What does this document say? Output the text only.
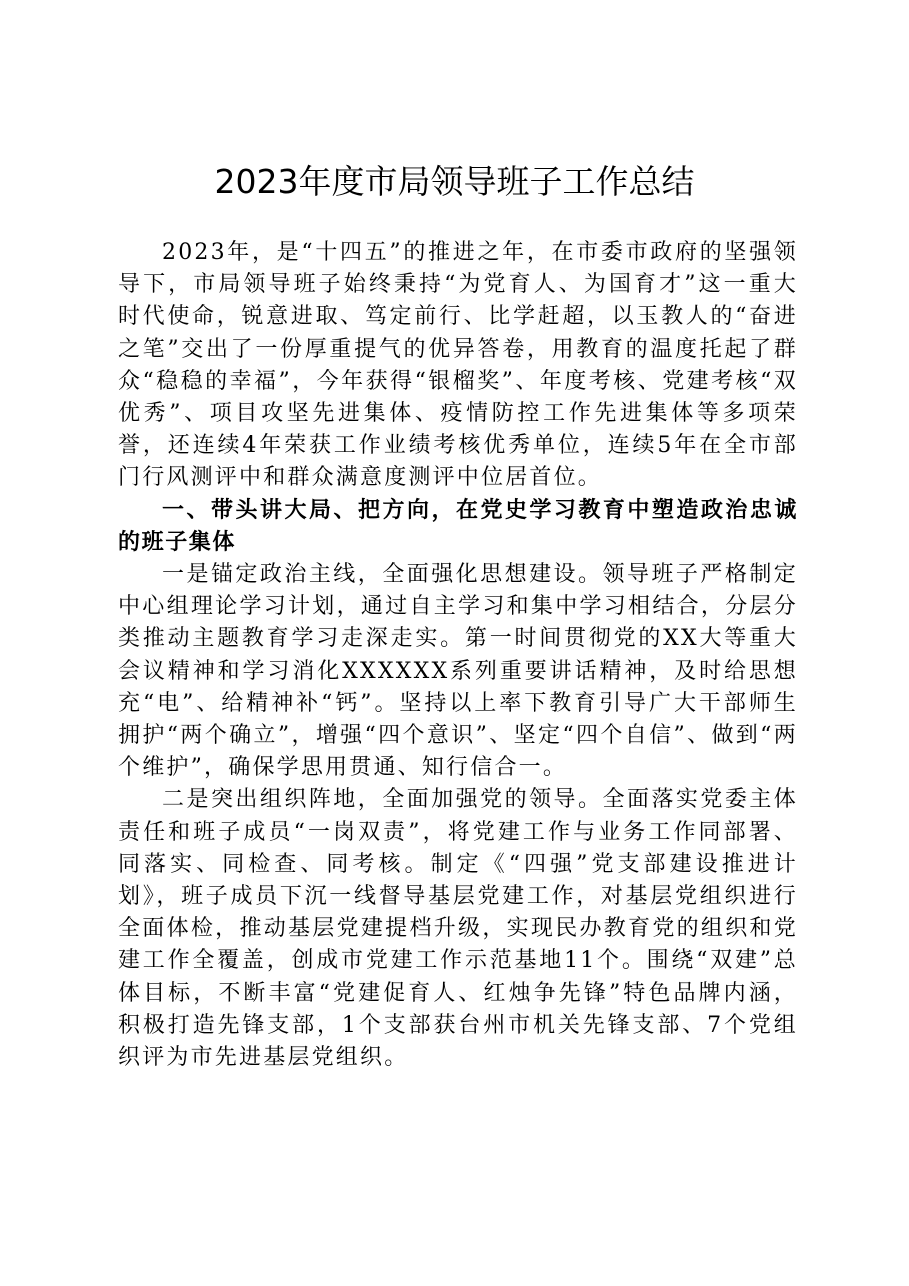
2023年度市局领导班子工作总结

2023年，是“十四五”的推进之年，在市委市政府的坚强领导下，市局领导班子始终秉持“为党育人、为国育才”这一重大时代使命，锐意进取、笃定前行、比学赶超，以玉教人的“奋进之笔”交出了一份厚重提气的优异答卷，用教育的温度托起了群众“稳稳的幸福”，今年获得“银榴奖”、年度考核、党建考核“双优秀”、项目攻坚先进集体、疫情防控工作先进集体等多项荣誉，还连续4年荣获工作业绩考核优秀单位，连续5年在全市部门行风测评中和群众满意度测评中位居首位。

一、带头讲大局、把方向，在党史学习教育中塑造政治忠诚的班子集体

一是锚定政治主线，全面强化思想建设。领导班子严格制定中心组理论学习计划，通过自主学习和集中学习相结合，分层分类推动主题教育学习走深走实。第一时间贯彻党的XX大等重大会议精神和学习消化XXXXXX系列重要讲话精神，及时给思想充“电”、给精神补“钙”。坚持以上率下教育引导广大干部师生拥护“两个确立”，增强“四个意识”、坚定“四个自信”、做到“两个维护”，确保学思用贯通、知行信合一。

二是突出组织阵地，全面加强党的领导。全面落实党委主体责任和班子成员“一岗双责”，将党建工作与业务工作同部署、同落实、同检查、同考核。制定《“四强”党支部建设推进计划》，班子成员下沉一线督导基层党建工作，对基层党组织进行全面体检，推动基层党建提档升级，实现民办教育党的组织和党建工作全覆盖，创成市党建工作示范基地11个。围绕“双建”总体目标，不断丰富“党建促育人、红烛争先锋”特色品牌内涵，积极打造先锋支部，1个支部获台州市机关先锋支部、7个党组织评为市先进基层党组织。
